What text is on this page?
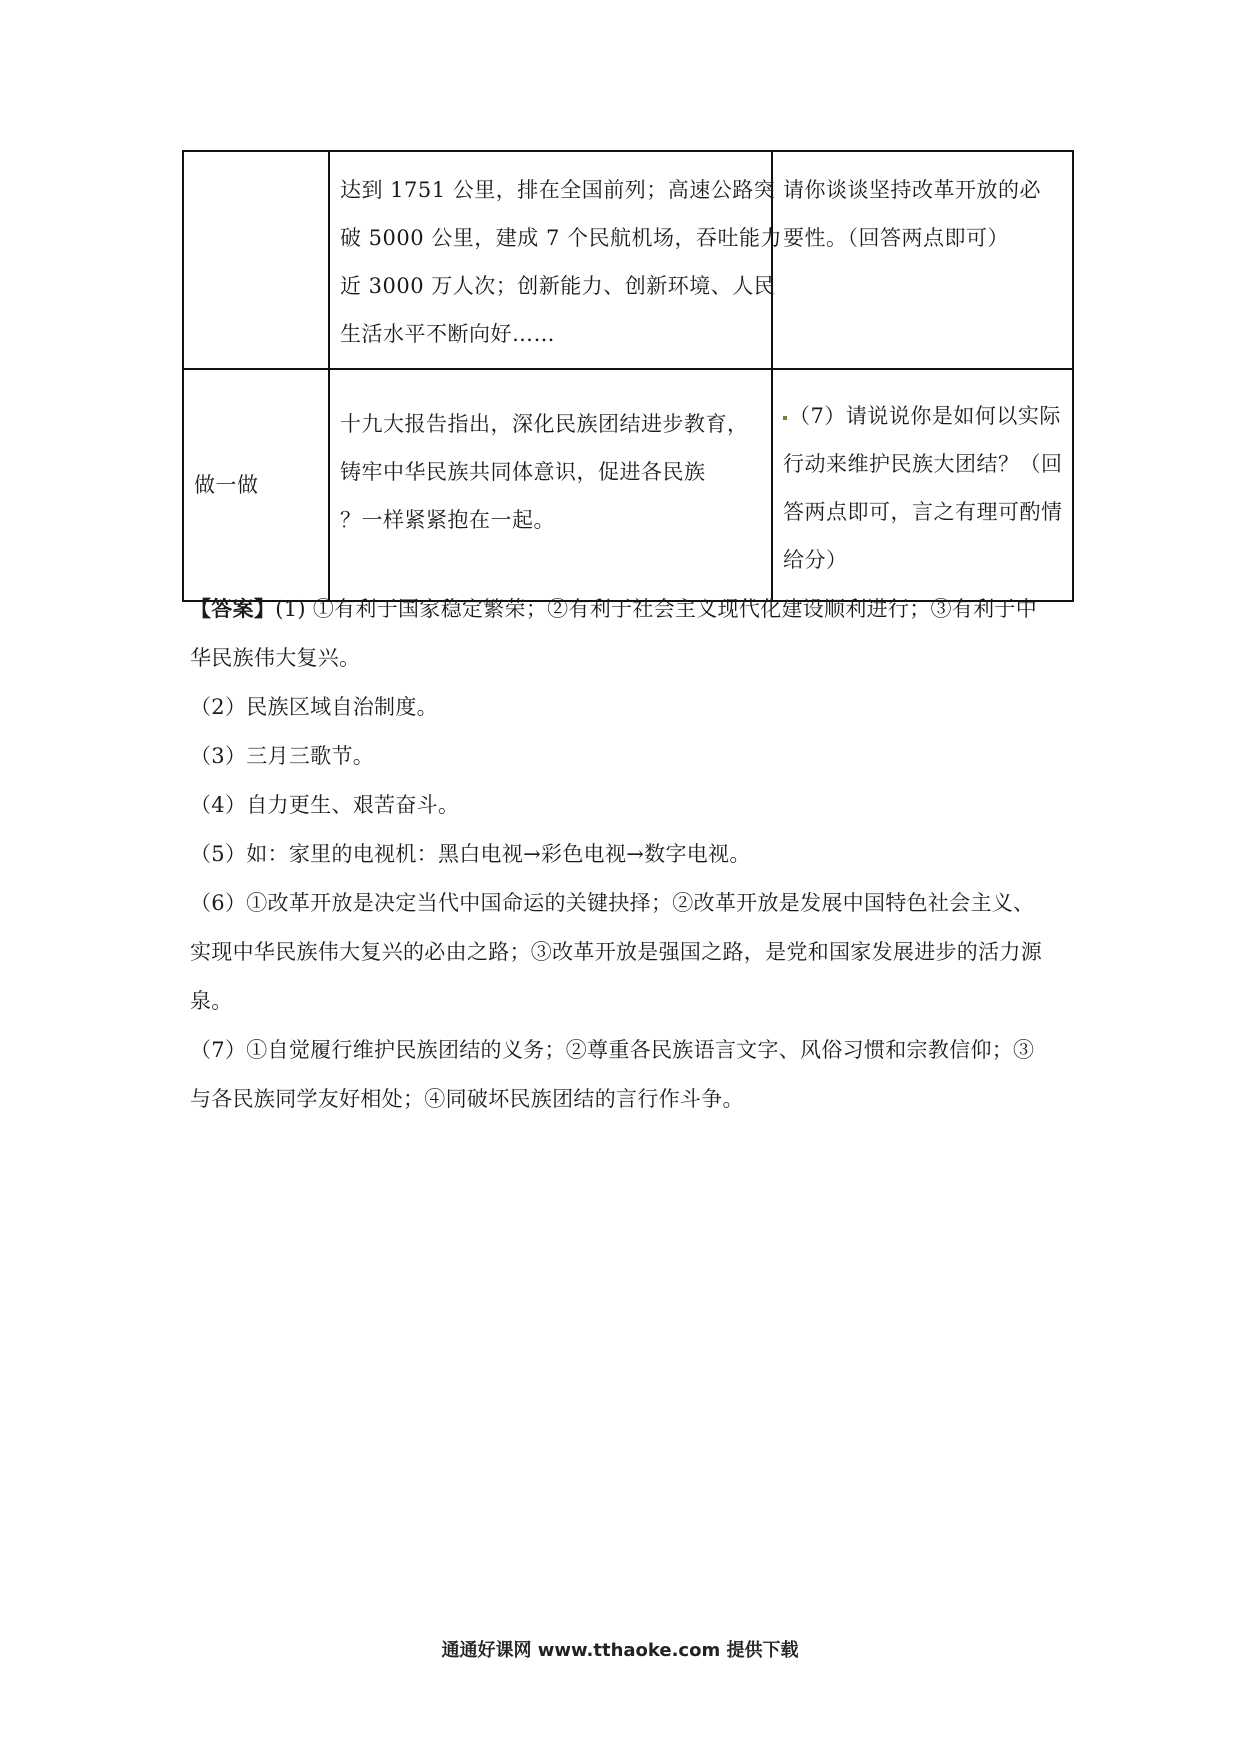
	达到 1751 公里，排在全国前列；高速公路突
破 5000 公里，建成 7 个民航机场，吞吐能力
近 3000 万人次；创新能力、创新环境、人民
生活水平不断向好……	请你谈谈坚持改革开放的必
要性。（回答两点即可）

做一做	十九大报告指出，深化民族团结进步教育，
铸牢中华民族共同体意识，促进各民族
？一样紧紧抱在一起。	（7）请说说你是如何以实际
行动来维护民族大团结？（回
答两点即可，言之有理可酌情
给分）
【答案】(1) ①有利于国家稳定繁荣；②有利于社会主义现代化建设顺利进行；③有利于中
华民族伟大复兴。
（2）民族区域自治制度。
（3）三月三歌节。
（4）自力更生、艰苦奋斗。
（5）如：家里的电视机：黑白电视→彩色电视→数字电视。
（6）①改革开放是决定当代中国命运的关键抉择；②改革开放是发展中国特色社会主义、
实现中华民族伟大复兴的必由之路；③改革开放是强国之路，是党和国家发展进步的活力源
泉。
（7）①自觉履行维护民族团结的义务；②尊重各民族语言文字、风俗习惯和宗教信仰；③
与各民族同学友好相处；④同破坏民族团结的言行作斗争。
通通好课网 www.tthaoke.com 提供下载
